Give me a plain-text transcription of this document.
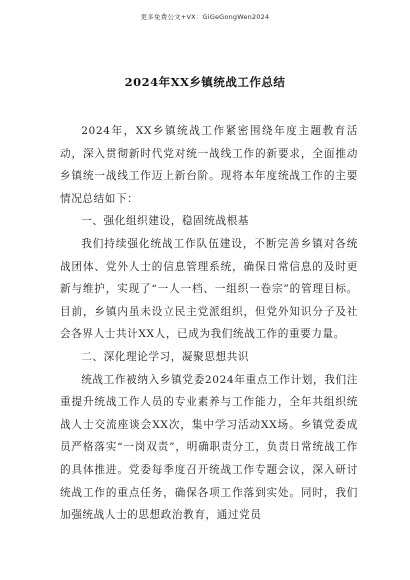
更多免费公文+VX：GiGeGongWen2024
2024年XX乡镇统战工作总结

2024年，XX乡镇统战工作紧密围绕年度主题教育活动，深入贯彻新时代党对统一战线工作的新要求，全面推动乡镇统一战线工作迈上新台阶。现将本年度统战工作的主要情况总结如下：

一、强化组织建设，稳固统战根基

我们持续强化统战工作队伍建设，不断完善乡镇对各统战团体、党外人士的信息管理系统，确保日常信息的及时更新与维护，实现了“一人一档、一组织一卷宗”的管理目标。目前，乡镇内虽未设立民主党派组织，但党外知识分子及社会各界人士共计XX人，已成为我们统战工作的重要力量。

二、深化理论学习，凝聚思想共识

统战工作被纳入乡镇党委2024年重点工作计划，我们注重提升统战工作人员的专业素养与工作能力，全年共组织统战人士交流座谈会XX次，集中学习活动XX场。乡镇党委成员严格落实“一岗双责”，明确职责分工，负责日常统战工作的具体推进。党委每季度召开统战工作专题会议，深入研讨统战工作的重点任务，确保各项工作落到实处。同时，我们加强统战人士的思想政治教育，通过党员
